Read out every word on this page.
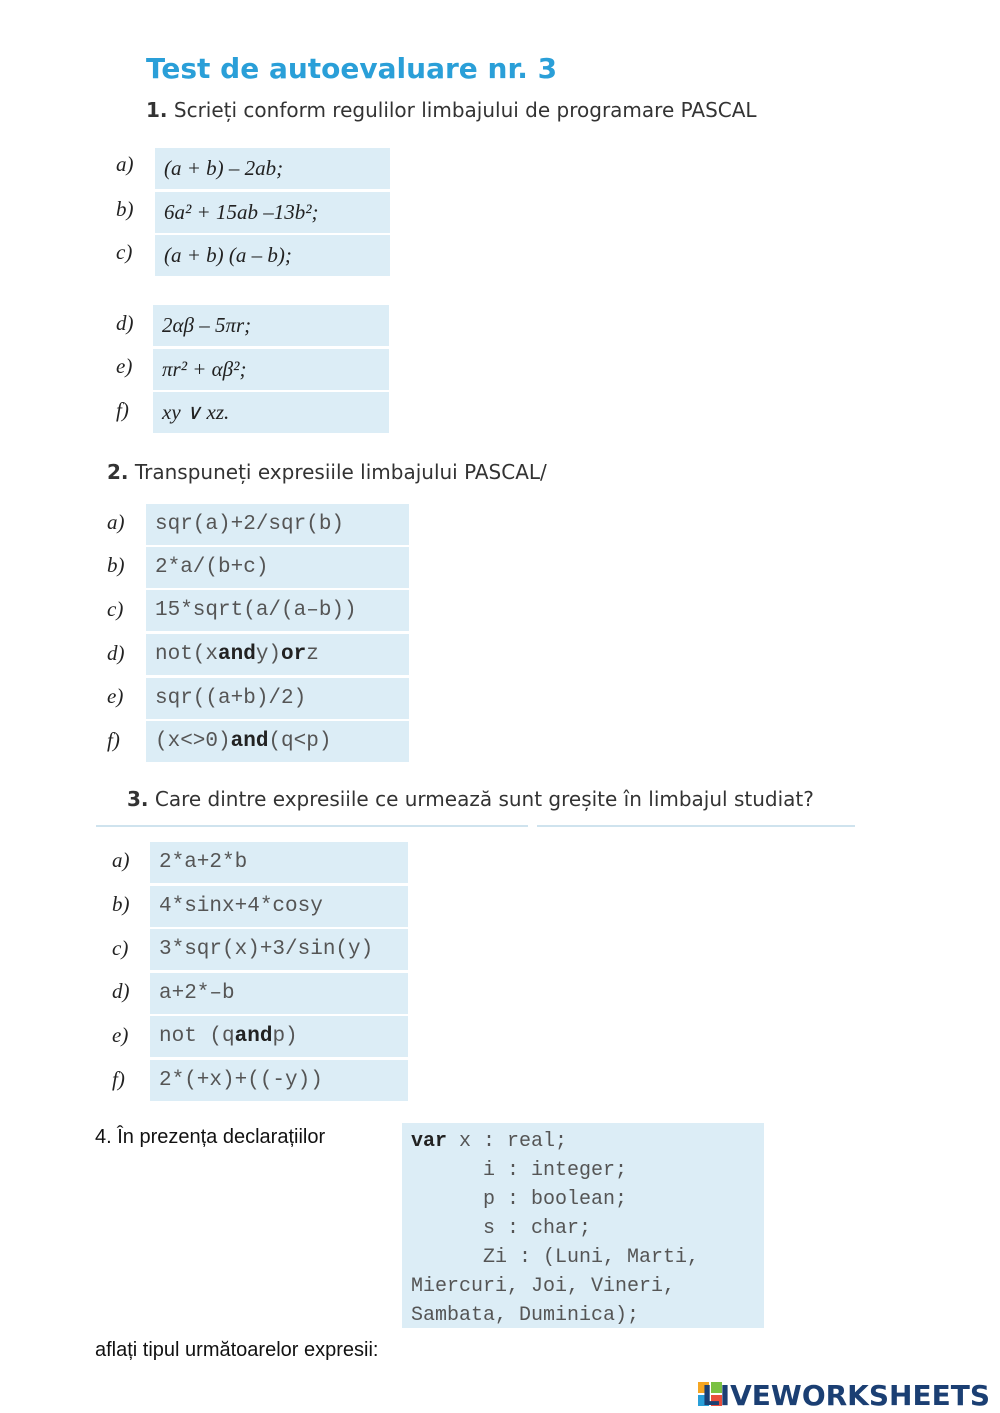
Test de autoevaluare nr. 3
1. Scrieți conform regulilor limbajului de programare PASCAL
a)	(a + b) – 2ab;
b)	6a² + 15ab –13b²;
c)	(a + b) (a – b);
d)	2αβ – 5πr;
e)	πr² + αβ²;
f)	xy ∨ xz.
2. Transpuneți expresiile limbajului PASCAL/
a)	sqr(a)+2/sqr(b)
b)	2*a/(b+c)
c)	15*sqrt(a/(a–b))
d) not(x and y) or z
e)	sqr((a+b)/2)
f) (x<>0) and (q<p)
3. Care dintre expresiile ce urmează sunt greșite în limbajul studiat?
a)	2*a+2*b
b)	4*sinx+4*cosy
c)	3*sqr(x)+3/sin(y)
d)	a+2*–b
e) not (q and p)
f)	2*(+x)+((-y))
4. În prezența declarațiilor	var x : real;
i : integer;
p : boolean;
s : char;
Zi : (Luni, Marti,
Miercuri, Joi, Vineri,
Sambata, Duminica);
aflați tipul următoarelor expresii:
LIVEWORKSHEETS
